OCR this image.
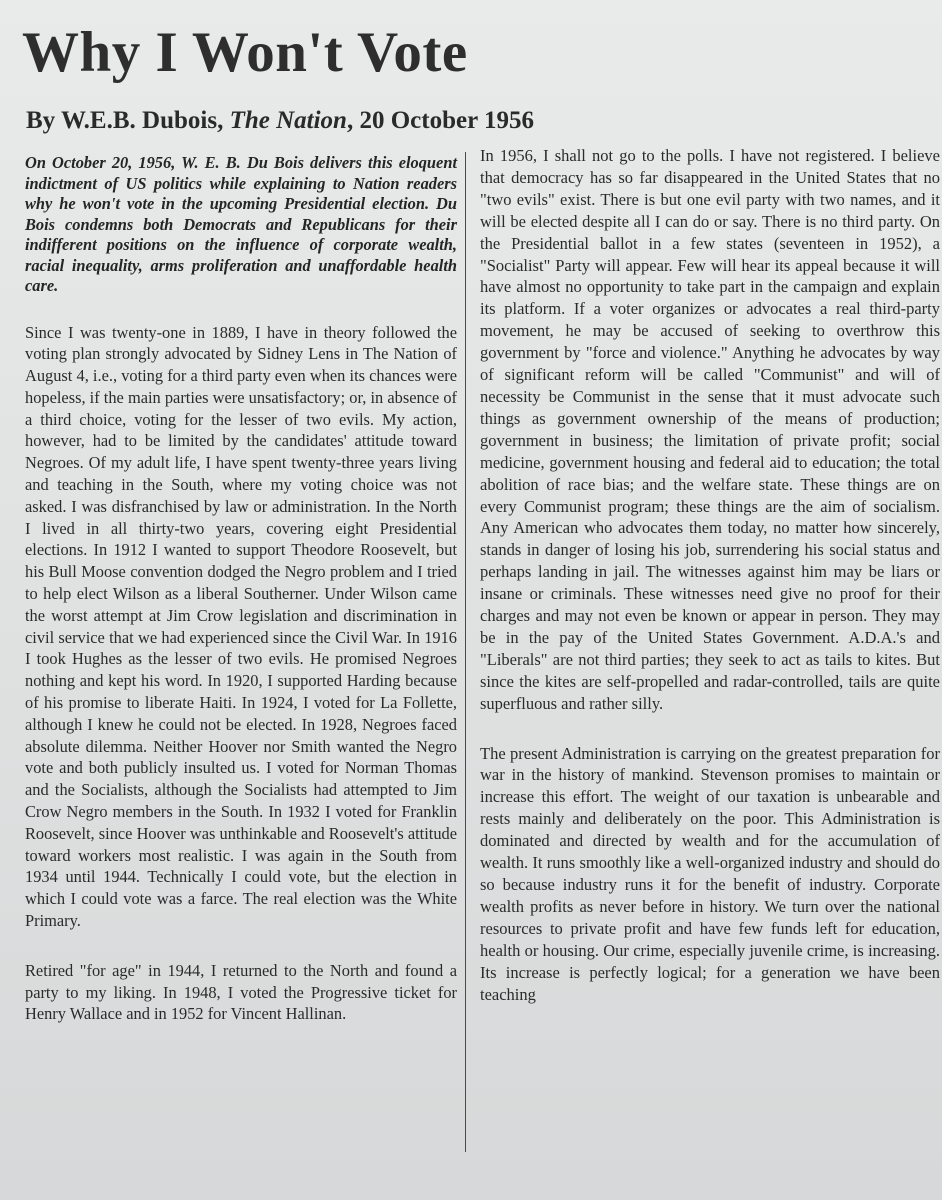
Why I Won't Vote

By W.E.B. Dubois, The Nation, 20 October 1956

On October 20, 1956, W. E. B. Du Bois delivers this eloquent indictment of US politics while explaining to Nation readers why he won't vote in the upcoming Presidential election. Du Bois condemns both Democrats and Republicans for their indifferent positions on the influence of corporate wealth, racial inequality, arms proliferation and unaffordable health care.

Since I was twenty-one in 1889, I have in theory followed the voting plan strongly advocated by Sidney Lens in The Nation of August 4, i.e., voting for a third party even when its chances were hopeless, if the main parties were unsatisfactory; or, in absence of a third choice, voting for the lesser of two evils. My action, however, had to be limited by the candidates' attitude toward Negroes. Of my adult life, I have spent twenty-three years living and teaching in the South, where my voting choice was not asked. I was disfranchised by law or administration. In the North I lived in all thirty-two years, covering eight Presidential elections. In 1912 I wanted to support Theodore Roosevelt, but his Bull Moose convention dodged the Negro problem and I tried to help elect Wilson as a liberal Southerner. Under Wilson came the worst attempt at Jim Crow legislation and discrimination in civil service that we had experienced since the Civil War. In 1916 I took Hughes as the lesser of two evils. He promised Negroes nothing and kept his word. In 1920, I supported Harding because of his promise to liberate Haiti. In 1924, I voted for La Follette, although I knew he could not be elected. In 1928, Negroes faced absolute dilemma. Neither Hoover nor Smith wanted the Negro vote and both publicly insulted us. I voted for Norman Thomas and the Socialists, although the Socialists had attempted to Jim Crow Negro members in the South. In 1932 I voted for Franklin Roosevelt, since Hoover was unthinkable and Roosevelt's attitude toward workers most realistic. I was again in the South from 1934 until 1944. Technically I could vote, but the election in which I could vote was a farce. The real election was the White Primary.

Retired "for age" in 1944, I returned to the North and found a party to my liking. In 1948, I voted the Progressive ticket for Henry Wallace and in 1952 for Vincent Hallinan.

In 1956, I shall not go to the polls. I have not registered. I believe that democracy has so far disappeared in the United States that no "two evils" exist. There is but one evil party with two names, and it will be elected despite all I can do or say. There is no third party. On the Presidential ballot in a few states (seventeen in 1952), a "Socialist" Party will appear. Few will hear its appeal because it will have almost no opportunity to take part in the campaign and explain its platform. If a voter organizes or advocates a real third-party movement, he may be accused of seeking to overthrow this government by "force and violence." Anything he advocates by way of significant reform will be called "Communist" and will of necessity be Communist in the sense that it must advocate such things as government ownership of the means of production; government in business; the limitation of private profit; social medicine, government housing and federal aid to education; the total abolition of race bias; and the welfare state. These things are on every Communist program; these things are the aim of socialism. Any American who advocates them today, no matter how sincerely, stands in danger of losing his job, surrendering his social status and perhaps landing in jail. The witnesses against him may be liars or insane or criminals. These witnesses need give no proof for their charges and may not even be known or appear in person. They may be in the pay of the United States Government. A.D.A.'s and "Liberals" are not third parties; they seek to act as tails to kites. But since the kites are self-propelled and radar-controlled, tails are quite superfluous and rather silly.

The present Administration is carrying on the greatest preparation for war in the history of mankind. Stevenson promises to maintain or increase this effort. The weight of our taxation is unbearable and rests mainly and deliberately on the poor. This Administration is dominated and directed by wealth and for the accumulation of wealth. It runs smoothly like a well-organized industry and should do so because industry runs it for the benefit of industry. Corporate wealth profits as never before in history. We turn over the national resources to private profit and have few funds left for education, health or housing. Our crime, especially juvenile crime, is increasing. Its increase is perfectly logical; for a generation we have been teaching
